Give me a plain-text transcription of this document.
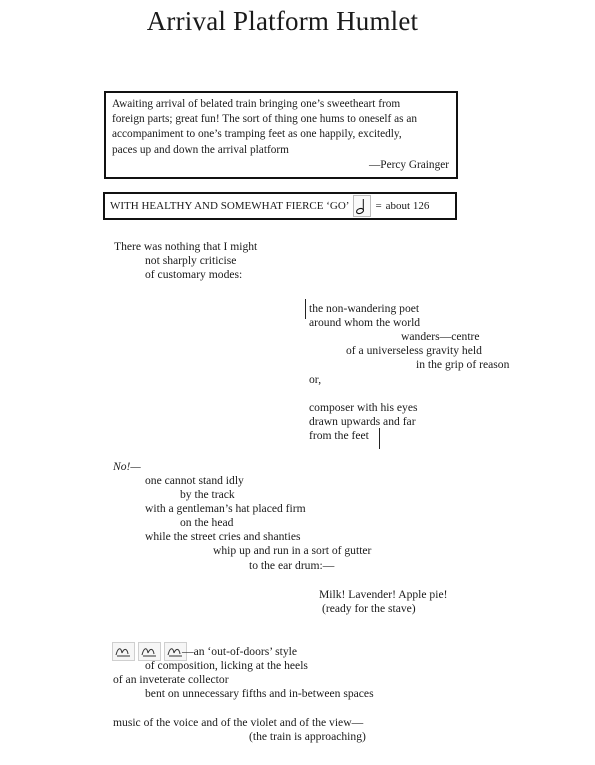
Arrival Platform Humlet
Awaiting arrival of belated train bringing one’s sweetheart from
foreign parts; great fun! The sort of thing one hums to oneself as an
accompaniment to one’s tramping feet as one happily, excitedly,
paces up and down the arrival platform
—Percy Grainger
WITH HEALTHY AND SOMEWHAT FIERCE ‘GO’ = about 126
There was nothing that I might
not sharply criticise
of customary modes:
the non-wandering poet
around whom the world
wanders—centre
of a universeless gravity held
in the grip of reason
or,
composer with his eyes
drawn upwards and far
from the feet
No!—
one cannot stand idly
by the track
with a gentleman’s hat placed firm
on the head
while the street cries and shanties
whip up and run in a sort of gutter
to the ear drum:—
Milk! Lavender! Apple pie!
(ready for the stave)
—an ‘out-of-doors’ style
of composition, licking at the heels
of an inveterate collector
bent on unnecessary fifths and in-between spaces
music of the voice and of the violet and of the view—
(the train is approaching)
